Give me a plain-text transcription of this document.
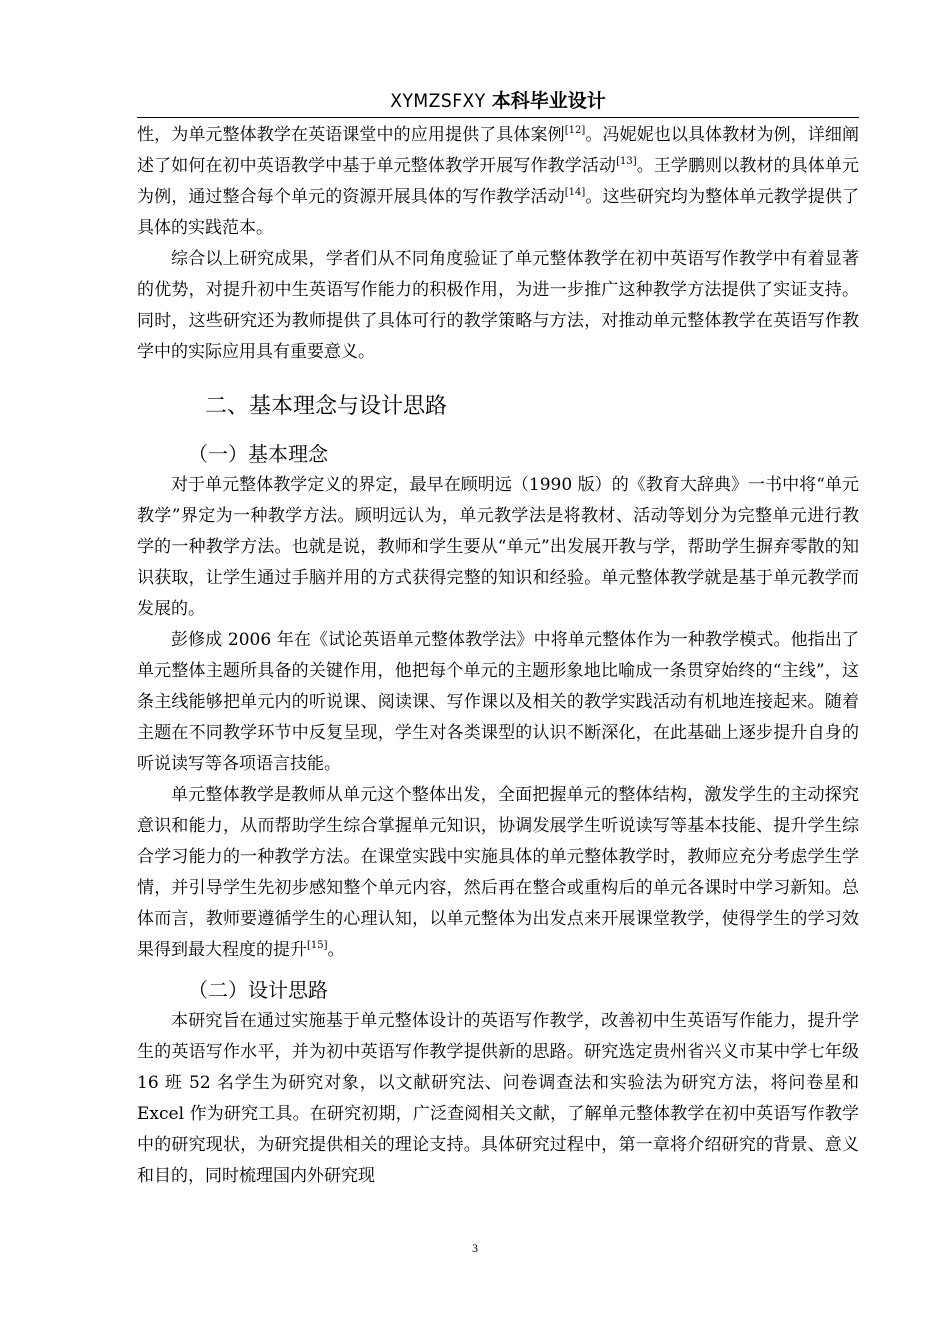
XYMZSFXY 本科毕业设计

性，为单元整体教学在英语课堂中的应用提供了具体案例[12]。冯妮妮也以具体教材为例，详细阐述了如何在初中英语教学中基于单元整体教学开展写作教学活动[13]。王学鹏则以教材的具体单元为例，通过整合每个单元的资源开展具体的写作教学活动[14]。这些研究均为整体单元教学提供了具体的实践范本。

综合以上研究成果，学者们从不同角度验证了单元整体教学在初中英语写作教学中有着显著的优势，对提升初中生英语写作能力的积极作用，为进一步推广这种教学方法提供了实证支持。同时，这些研究还为教师提供了具体可行的教学策略与方法，对推动单元整体教学在英语写作教学中的实际应用具有重要意义。

二、基本理念与设计思路
（一）基本理念

对于单元整体教学定义的界定，最早在顾明远（1990 版）的《教育大辞典》一书中将“单元教学”界定为一种教学方法。顾明远认为，单元教学法是将教材、活动等划分为完整单元进行教学的一种教学方法。也就是说，教师和学生要从“单元”出发展开教与学，帮助学生摒弃零散的知识获取，让学生通过手脑并用的方式获得完整的知识和经验。单元整体教学就是基于单元教学而发展的。

彭修成 2006 年在《试论英语单元整体教学法》中将单元整体作为一种教学模式。他指出了单元整体主题所具备的关键作用，他把每个单元的主题形象地比喻成一条贯穿始终的“主线”，这条主线能够把单元内的听说课、阅读课、写作课以及相关的教学实践活动有机地连接起来。随着主题在不同教学环节中反复呈现，学生对各类课型的认识不断深化，在此基础上逐步提升自身的听说读写等各项语言技能。

单元整体教学是教师从单元这个整体出发，全面把握单元的整体结构，激发学生的主动探究意识和能力，从而帮助学生综合掌握单元知识，协调发展学生听说读写等基本技能、提升学生综合学习能力的一种教学方法。在课堂实践中实施具体的单元整体教学时，教师应充分考虑学生学情，并引导学生先初步感知整个单元内容，然后再在整合或重构后的单元各课时中学习新知。总体而言，教师要遵循学生的心理认知，以单元整体为出发点来开展课堂教学，使得学生的学习效果得到最大程度的提升[15]。

（二）设计思路

本研究旨在通过实施基于单元整体设计的英语写作教学，改善初中生英语写作能力，提升学生的英语写作水平，并为初中英语写作教学提供新的思路。研究选定贵州省兴义市某中学七年级 16 班 52 名学生为研究对象，以文献研究法、问卷调查法和实验法为研究方法，将问卷星和 Excel 作为研究工具。在研究初期，广泛查阅相关文献，了解单元整体教学在初中英语写作教学中的研究现状，为研究提供相关的理论支持。具体研究过程中，第一章将介绍研究的背景、意义和目的，同时梳理国内外研究现

3
